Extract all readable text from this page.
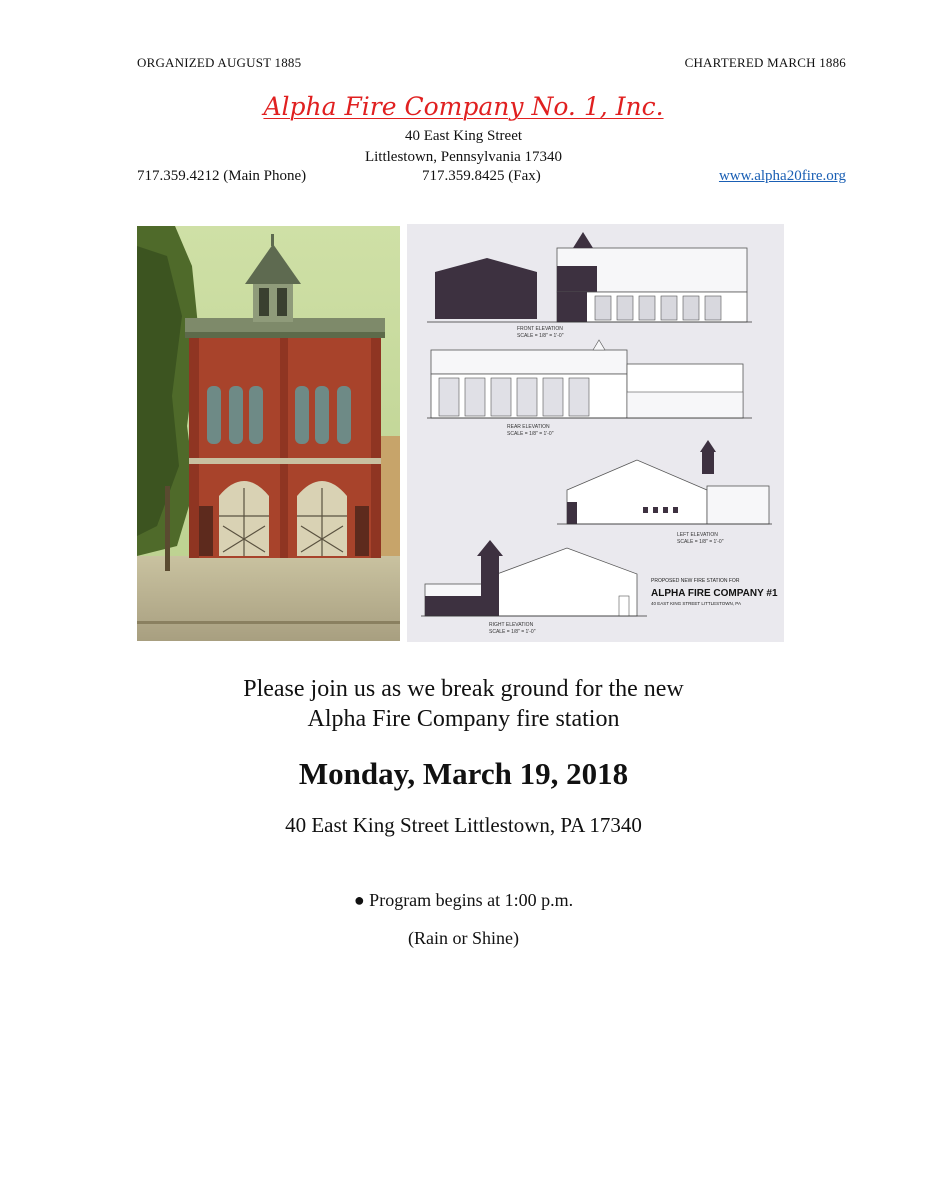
ORGANIZED AUGUST 1885	CHARTERED MARCH 1886
Alpha Fire Company No. 1, Inc.
40 East King Street
Littlestown, Pennsylvania 17340
717.359.4212 (Main Phone)	717.359.8425 (Fax)	www.alpha20fire.org
FRONT ELEVATION
SCALE = 1/8" = 1'-0"
REAR ELEVATION
SCALE = 1/8" = 1'-0"
LEFT ELEVATION
SCALE = 1/8" = 1'-0"
RIGHT ELEVATION
SCALE = 1/8" = 1'-0"
PROPOSED NEW FIRE STATION FOR
ALPHA FIRE COMPANY #1
40 EAST KING STREET LITTLESTOWN, PA
Please join us as we break ground for the new
Alpha Fire Company fire station
Monday, March 19, 2018
40 East King Street Littlestown, PA 17340
● Program begins at 1:00 p.m.
(Rain or Shine)
